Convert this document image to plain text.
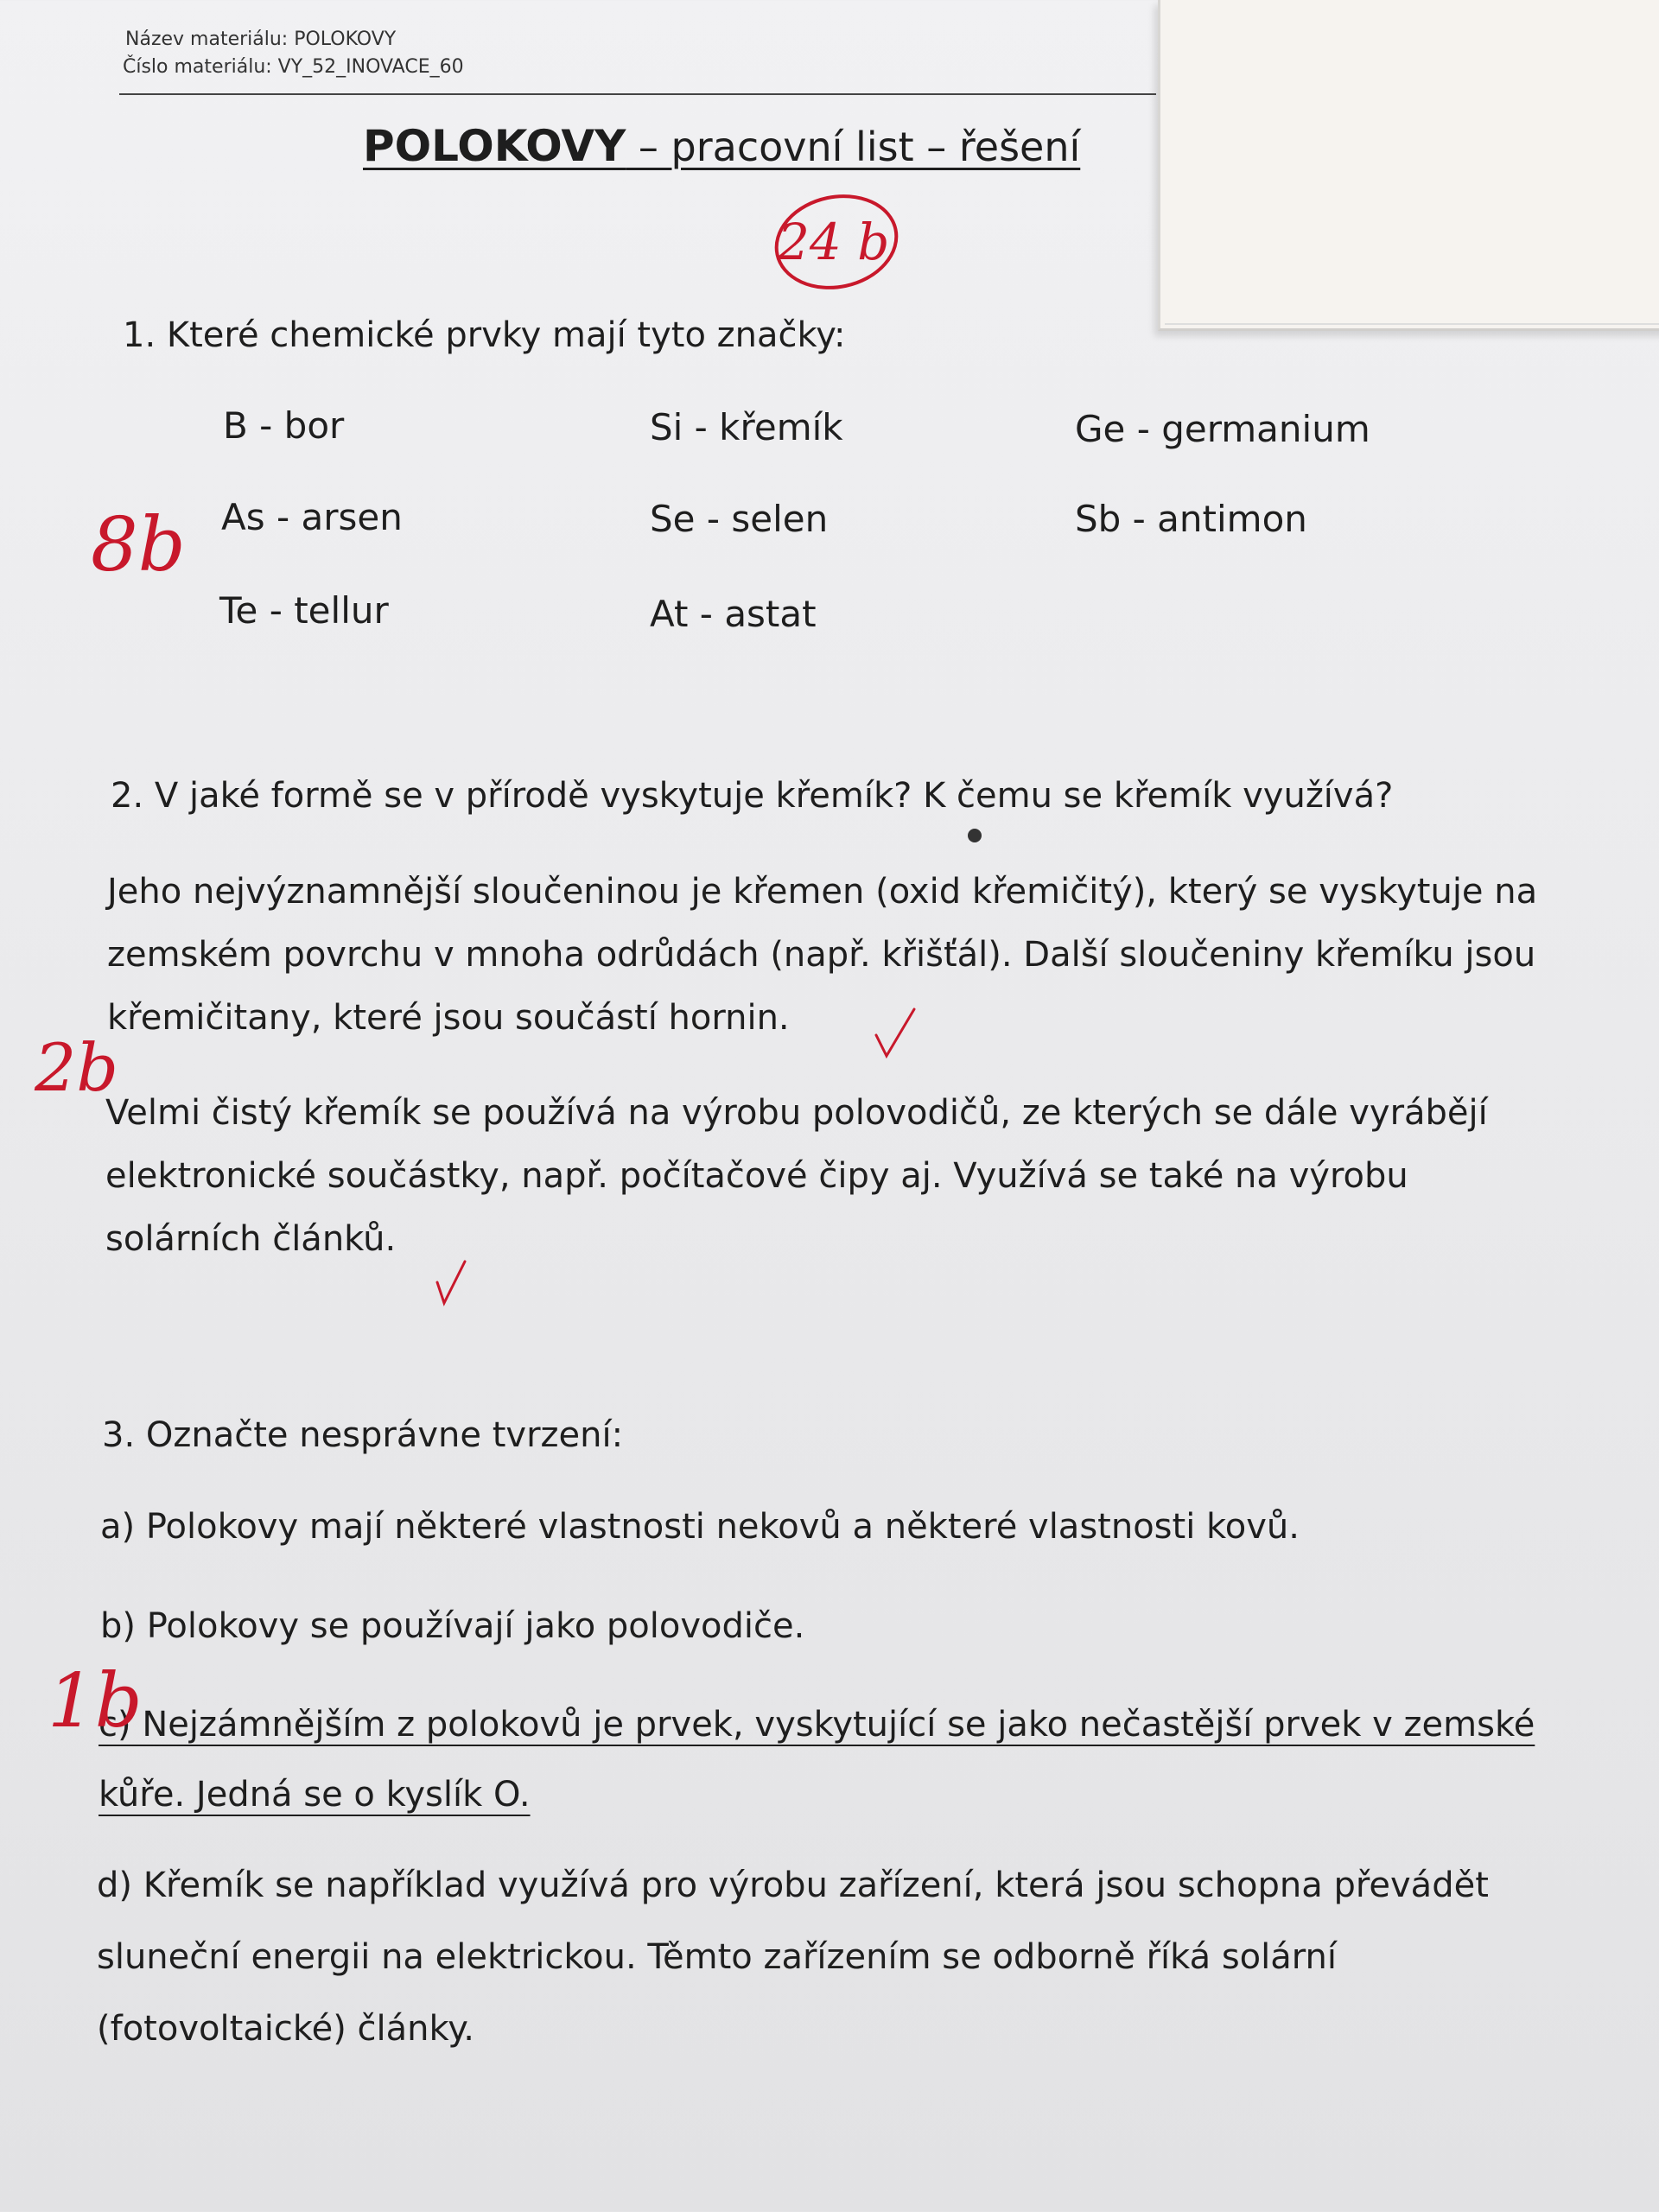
Název materiálu: POLOKOVY
Číslo materiálu: VY_52_INOVACE_60
POLOKOVY – pracovní list – řešení
1. Které chemické prvky mají tyto značky:
B - bor	Si - křemík	Ge - germanium
As - arsen	Se - selen	Sb - antimon
Te - tellur	At - astat
2. V jaké formě se v přírodě vyskytuje křemík? K čemu se křemík využívá?
Jeho nejvýznamnější sloučeninou je křemen (oxid křemičitý), který se vyskytuje na
zemském povrchu v mnoha odrůdách (např. křišťál). Další sloučeniny křemíku jsou
křemičitany, které jsou součástí hornin.
Velmi čistý křemík se používá na výrobu polovodičů, ze kterých se dále vyrábějí
elektronické součástky, např. počítačové čipy aj. Využívá se také na výrobu
solárních článků.
3. Označte nesprávne tvrzení:
a) Polokovy mají některé vlastnosti nekovů a některé vlastnosti kovů.
b) Polokovy se používají jako polovodiče.
c) Nejzámnějším z polokovů je prvek, vyskytující se jako nečastější prvek v zemské
kůře. Jedná se o kyslík O.
d) Křemík se například využívá pro výrobu zařízení, která jsou schopna převádět
sluneční energii na elektrickou. Těmto zařízením se odborně říká solární
(fotovoltaické) články.
24 b
8b
2b
1b
